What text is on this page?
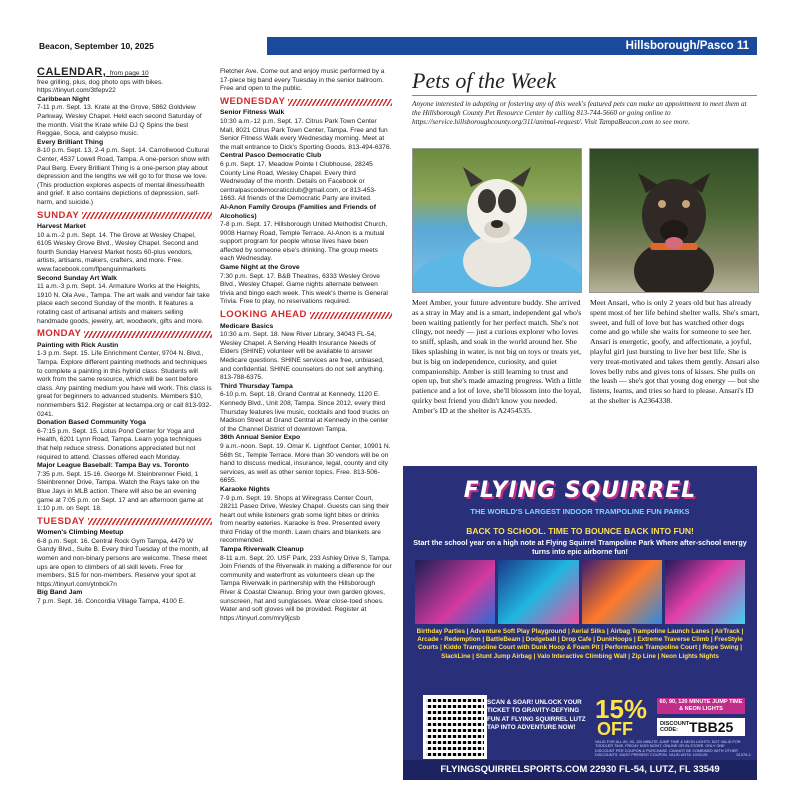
Beacon, September 10, 2025	Hillsborough/Pasco 11
CALENDAR, from page 10

free grilling, plus, dog photo ops with bikes. https://tinyurl.com/3tfepv22

Caribbean Night

7-11 p.m. Sept. 13. Krate at the Grove, 5862 Goldview Parkway, Wesley Chapel. Held each second Saturday of the month. Visit the Krate while DJ Q Spins the best Reggae, Soca, and calypso music.

Every Brilliant Thing

8-10 p.m. Sept. 13, 2-4 p.m. Sept. 14. Carrollwood Cultural Center, 4537 Lowell Road, Tampa. A one-person show with Paul Berg. Every Brilliant Thing is a one-person play about depression and the lengths we will go to for those we love. (This production explores aspects of mental illness/health and grief. It also contains depictions of depression, self-harm, and suicide.)

SUNDAY

Harvest Market

10 a.m.-2 p.m. Sept. 14. The Grove at Wesley Chapel, 6105 Wesley Grove Blvd., Wesley Chapel. Second and fourth Sunday Harvest Market hosts 60-plus vendors, artists, artisans, makers, crafters, and more. Free. www.facebook.com/flpenguinmarkets

Second Sunday Art Walk

11 a.m.-3 p.m. Sept. 14. Armature Works at the Heights, 1910 N. Ola Ave., Tampa. The art walk and vendor fair take place each second Sunday of the month. It features a rotating cast of artisanal artists and makers selling handmade goods, jewelry, art, woodwork, gifts and more.

MONDAY

Painting with Rick Austin

1-3 p.m. Sept. 15. Life Enrichment Center, 9704 N. Blvd., Tampa. Explore different painting methods and techniques to complete a painting in this hybrid class. Students will work from the same resource, which will be sent before class. Any painting medium you have will work. This class is great for beginners to advanced students. Members $10, nonmembers $12. Register at lectampa.org or call 813-932-0241.

Donation Based Community Yoga

6-7:15 p.m. Sept. 15. Lotus Pond Center for Yoga and Health, 6201 Lynn Road, Tampa. Learn yoga techniques that help reduce stress. Donations appreciated but not required to attend. Classes offered each Monday.

Major League Baseball: Tampa Bay vs. Toronto

7:35 p.m. Sept. 15-16. George M. Steinbrenner Field, 1 Steinbrenner Drive, Tampa. Watch the Rays take on the Blue Jays in MLB action. There will also be an evening game at 7:05 p.m. on Sept. 17 and an afternoon game at 1:10 p.m. on Sept. 18.

TUESDAY

Women's Climbing Meetup

6-8 p.m. Sept. 16. Central Rock Gym Tampa, 4479 W Gandy Blvd., Suite B. Every third Tuesday of the month, all women and non-binary persons are welcome. These meet ups are open to climbers of all skill levels. Free for members, $15 for non-members. Reserve your spot at https://tinyurl.com/ytnbck7n

Big Band Jam

7 p.m. Sept. 16. Concordia Village Tampa, 4100 E.

Fletcher Ave. Come out and enjoy music performed by a 17-piece big band every Tuesday in the senior ballroom. Free and open to the public.

WEDNESDAY

Senior Fitness Walk

10:30 a.m.-12 p.m. Sept. 17. Citrus Park Town Center Mall, 8021 Citrus Park Town Center, Tampa. Free and fun Senior Fitness Walk every Wednesday morning. Meet at the mall entrance to Dick's Sporting Goods. 813-494-6376.

Central Pasco Democratic Club

6 p.m. Sept. 17. Meadow Pointe I Clubhouse, 28245 County Line Road, Wesley Chapel. Every third Wednesday of the month. Details on Facebook or centralpascodemocraticclub@gmail.com, or 813-453-1663. All friends of the Democratic Party are invited.

Al-Anon Family Groups (Families and Friends of Alcoholics)

7-8 p.m. Sept. 17. Hillsborough United Methodist Church, 9008 Harney Road, Temple Terrace. Al-Anon is a mutual support program for people whose lives have been affected by someone else's drinking. The group meets each Wednesday.

Game Night at the Grove

7:30 p.m. Sept. 17. B&B Theatres, 6333 Wesley Grove Blvd., Wesley Chapel. Game nights alternate between trivia and bingo each week. This week's theme is General Trivia. Free to play, no reservations required.

LOOKING AHEAD

Medicare Basics

10:30 a.m. Sept. 18. New River Library, 34043 FL-54, Wesley Chapel. A Serving Health Insurance Needs of Elders (SHINE) volunteer will be available to answer Medicare questions. SHINE services are free, unbiased, and confidential. SHINE counselors do not sell anything. 813-788-6375.

Third Thursday Tampa

6-10 p.m. Sept. 18. Grand Central at Kennedy, 1120 E. Kennedy Blvd., Unit 208, Tampa. Since 2012, every third Thursday features live music, cocktails and food trucks on Madison Street at Grand Central at Kennedy in the center of the Channel District of downtown Tampa.

36th Annual Senior Expo

9 a.m.-noon. Sept. 19. Omar K. Lightfoot Center, 10901 N. 56th St., Temple Terrace. More than 30 vendors will be on hand to discuss medical, insurance, legal, county and city services, as well as other senior topics. Free. 813-506-6655.

Karaoke Nights

7-9 p.m. Sept. 19. Shops at Wiregrass Center Court, 28211 Paseo Drive, Wesley Chapel. Guests can sing their heart out while listeners grab some light bites or drinks from nearby eateries. Karaoke is free. Presented every third Friday of the month. Lawn chairs and blankets are recommended.

Tampa Riverwalk Cleanup

8-11 a.m. Sept. 20. USF Park, 233 Ashley Drive S, Tampa. Join Friends of the Riverwalk in making a difference for our community and waterfront as volunteers clean up the Tampa Riverwalk in partnership with the Hillsborough River & Coastal Cleanup. Bring your own garden gloves, sunscreen, hat and sunglasses. Wear close-toed shoes. Water and soft gloves will be provided. Register at https://tinyurl.com/mry9jcsb

Pets of the Week
Anyone interested in adopting or fostering any of this week's featured pets can make an appointment to meet them at the Hillsborough County Pet Resource Center by calling 813-744-5660 or going online to https://service.hillsboroughcounty.org/311/animal-request/. Visit TampaBeacon.com to see more.
Meet Amber, your future adventure buddy. She arrived as a stray in May and is a smart, independent gal who's been waiting patiently for her perfect match. She's not clingy, not needy — just a curious explorer who loves to sniff, splash, and soak in the world around her. She likes splashing in water, is not big on toys or treats yet, but is big on independence, curiosity, and quiet companionship. Amber is still learning to trust and open up, but she's made amazing progress. With a little patience and a lot of love, she'll blossom into the loyal, quirky best friend you didn't know you needed. Amber's ID at the shelter is A2454535.
Meet Ansari, who is only 2 years old but has already spent most of her life behind shelter walls. She's smart, sweet, and full of love but has watched other dogs come and go while she waits for someone to see her. Ansari is energetic, goofy, and affectionate, a joyful, playful girl just bursting to live her best life. She is very treat-motivated and takes them gently. Ansari also loves belly rubs and gives tons of kisses. She pulls on the leash — she's got that young dog energy — but she listens, learns, and tries so hard to please. Ansari's ID at the shelter is A2364338.
FLYING SQUIRREL
THE WORLD'S LARGEST INDOOR TRAMPOLINE FUN PARKS
BACK TO SCHOOL. TIME TO BOUNCE BACK INTO FUN!
Start the school year on a high note at Flying Squirrel Trampoline Park Where after-school energy turns into epic airborne fun!
Birthday Parties | Adventure Soft Play Playground | Aerial Silks | Airbag Trampoline Launch Lanes | AirTrack | Arcade - Redemption | BattleBeam | Dodgeball | Drop Cafe | DunkHoops | Extreme Traverse Climb | FreeStyle Courts | Kiddo Trampoline Court with Dunk Hoop & Foam Pit | Performance Trampoline Court | Rope Swing | SlackLine | Stunt Jump Airbag | Valo Interactive Climbing Wall | Zip Line | Neon Lights Nights
SCAN & SOAR! UNLOCK YOUR TICKET TO GRAVITY-DEFYING FUN AT FLYING SQUIRREL LUTZ TAP INTO ADVENTURE NOW!
15%
OFF
60, 90, 120 MINUTE JUMP TIME & NEON LIGHTS
DISCOUNT CODE: TBB25
VALID FOR ALL 60, 90, 120 MINUTE JUMP TIME & NEON LIGHTS. NOT VALID FOR TODDLER TIME, FRIDAY KIDS NIGHT, ONLINE OR IN-STORE. ONLY ONE DISCOUNT PER COUPON & PURCHASE. CANNOT BE COMBINED WITH OTHER DISCOUNTS. MUST PRESENT COUPON. VALID UNTIL 10/31/25.	51376-1
FLYINGSQUIRRELSPORTS.COM 22930 FL-54, LUTZ, FL 33549
